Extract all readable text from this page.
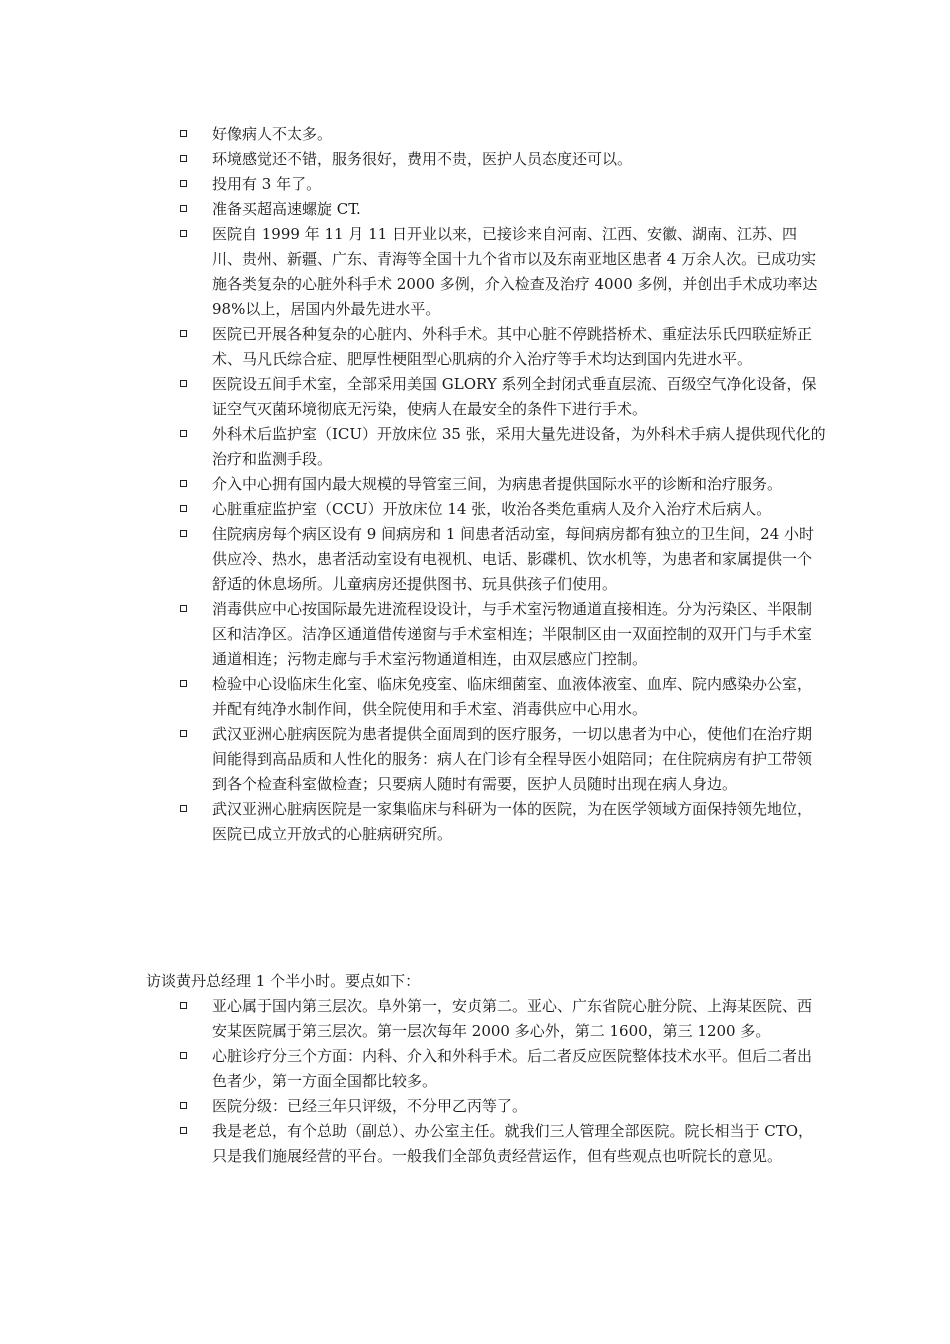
好像病人不太多。
环境感觉还不错，服务很好，费用不贵，医护人员态度还可以。
投用有 3 年了。
准备买超高速螺旋 CT.
医院自 1999 年 11 月 11 日开业以来，已接诊来自河南、江西、安徽、湖南、江苏、四川、贵州、新疆、广东、青海等全国十九个省市以及东南亚地区患者 4 万余人次。已成功实施各类复杂的心脏外科手术 2000 多例，介入检查及治疗 4000 多例，并创出手术成功率达 98%以上，居国内外最先进水平。
医院已开展各种复杂的心脏内、外科手术。其中心脏不停跳搭桥术、重症法乐氏四联症矫正术、马凡氏综合症、肥厚性梗阻型心肌病的介入治疗等手术均达到国内先进水平。
医院设五间手术室，全部采用美国 GLORY 系列全封闭式垂直层流、百级空气净化设备，保证空气灭菌环境彻底无污染，使病人在最安全的条件下进行手术。
外科术后监护室（ICU）开放床位 35 张，采用大量先进设备，为外科术手病人提供现代化的治疗和监测手段。
介入中心拥有国内最大规模的导管室三间，为病患者提供国际水平的诊断和治疗服务。
心脏重症监护室（CCU）开放床位 14 张，收治各类危重病人及介入治疗术后病人。
住院病房每个病区设有 9 间病房和 1 间患者活动室，每间病房都有独立的卫生间，24 小时供应冷、热水，患者活动室设有电视机、电话、影碟机、饮水机等，为患者和家属提供一个舒适的休息场所。儿童病房还提供图书、玩具供孩子们使用。
消毒供应中心按国际最先进流程设设计，与手术室污物通道直接相连。分为污染区、半限制区和洁净区。洁净区通道借传递窗与手术室相连；半限制区由一双面控制的双开门与手术室通道相连；污物走廊与手术室污物通道相连，由双层感应门控制。
检验中心设临床生化室、临床免疫室、临床细菌室、血液体液室、血库、院内感染办公室，并配有纯净水制作间，供全院使用和手术室、消毒供应中心用水。
武汉亚洲心脏病医院为患者提供全面周到的医疗服务，一切以患者为中心，使他们在治疗期间能得到高品质和人性化的服务：病人在门诊有全程导医小姐陪同；在住院病房有护工带领到各个检查科室做检查；只要病人随时有需要，医护人员随时出现在病人身边。
武汉亚洲心脏病医院是一家集临床与科研为一体的医院，为在医学领域方面保持领先地位，医院已成立开放式的心脏病研究所。

访谈黄丹总经理 1 个半小时。要点如下：

亚心属于国内第三层次。阜外第一，安贞第二。亚心、广东省院心脏分院、上海某医院、西安某医院属于第三层次。第一层次每年 2000 多心外，第二 1600，第三 1200 多。
心脏诊疗分三个方面：内科、介入和外科手术。后二者反应医院整体技术水平。但后二者出色者少，第一方面全国都比较多。
医院分级：已经三年只评级，不分甲乙丙等了。
我是老总，有个总助（副总）、办公室主任。就我们三人管理全部医院。院长相当于 CTO，只是我们施展经营的平台。一般我们全部负责经营运作，但有些观点也听院长的意见。
